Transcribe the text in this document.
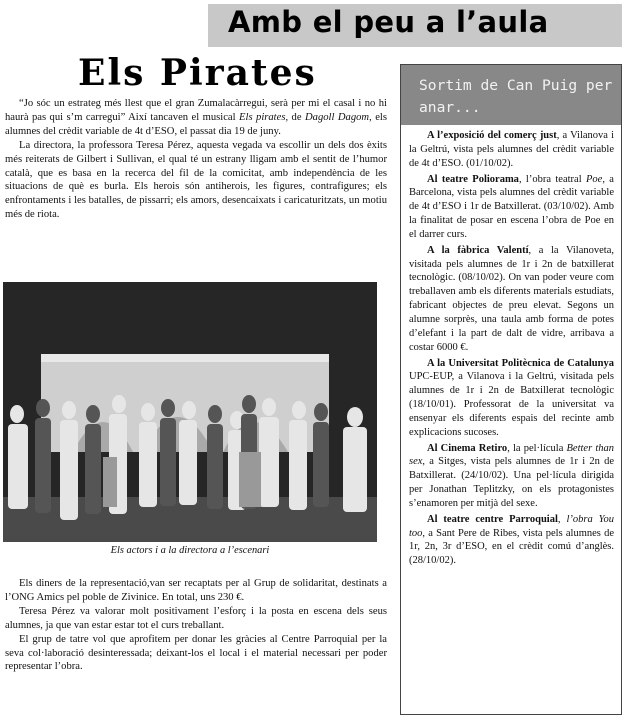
Amb el peu a l’aula
Els Pirates

“Jo sóc un estrateg més llest que el gran Zumalacàrregui, serà per mi el casal i no hi haurà pas qui s’m carregui” Així tancaven el musical Els pirates, de Dagoll Dagom, els alumnes del crèdit variable de 4t d’ESO, el passat dia 19 de juny.

La directora, la professora Teresa Pérez, aquesta vegada va escollir un dels dos èxits més reiterats de Gilbert i Sullivan, el qual té un estrany lligam amb el sentit de l’humor català, que es basa en la recerca del fil de la comicitat, amb independència de les situacions de què es burla. Els herois són antiherois, les figures, contrafigures; els enfrontaments i les batalles, de pissarri; els amors, desencaixats i caricaturitzats, un motiu més de riota.

Els actors i a la directora a l’escenari

Els diners de la representació,van ser recaptats per al Grup de solidaritat, destinats a l’ONG Amics pel poble de Zivinice. En total, uns 230 €.

Teresa Pérez va valorar molt positivament l’esforç i la posta en escena dels seus alumnes, ja que van estar estar tot el curs treballant.

El grup de tatre vol que aprofitem per donar les gràcies al Centre Parroquial per la seva col·laboració desinteressada; deixant-los el local i el material necessari per poder representar l’obra.

Sortim de Can Puig per anar...

A l’exposició del comerç just, a Vilanova i la Geltrú, vista pels alumnes del crèdit variable de 4t d’ESO. (01/10/02).

Al teatre Poliorama, l’obra teatral Poe, a Barcelona, vista pels alumnes del crèdit variable de 4t d’ESO i 1r de Batxillerat. (03/10/02). Amb la finalitat de posar en escena l’obra de Poe en el darrer curs.

A la fàbrica Valentí, a la Vilanoveta, visitada pels alumnes de 1r i 2n de batxillerat tecnològic. (08/10/02). On van poder veure com treballaven amb els diferents materials estudiats, fabricant objectes de preu elevat. Segons un alumne sorprès, una taula amb forma de potes d’elefant i la part de dalt de vidre, arribava a costar 6000 €.

A la Universitat Politècnica de Catalunya UPC-EUP, a Vilanova i la Geltrú, visitada pels alumnes de 1r i 2n de Batxillerat tecnològic (18/10/01). Professorat de la universitat va ensenyar els diferents espais del recinte amb explicacions sucoses.

Al Cinema Retiro, la pel·lícula Better than sex, a Sitges, vista pels alumnes de 1r i 2n de Batxillerat. (24/10/02). Una pel·lícula dirigida per Jonathan Teplitzky, on els protagonistes s’enamoren per mitjà del sexe.

Al teatre centre Parroquial, l’obra You too, a Sant Pere de Ribes, vista pels alumnes de 1r, 2n, 3r d’ESO, en el crèdit comú d’anglès. (28/10/02).
